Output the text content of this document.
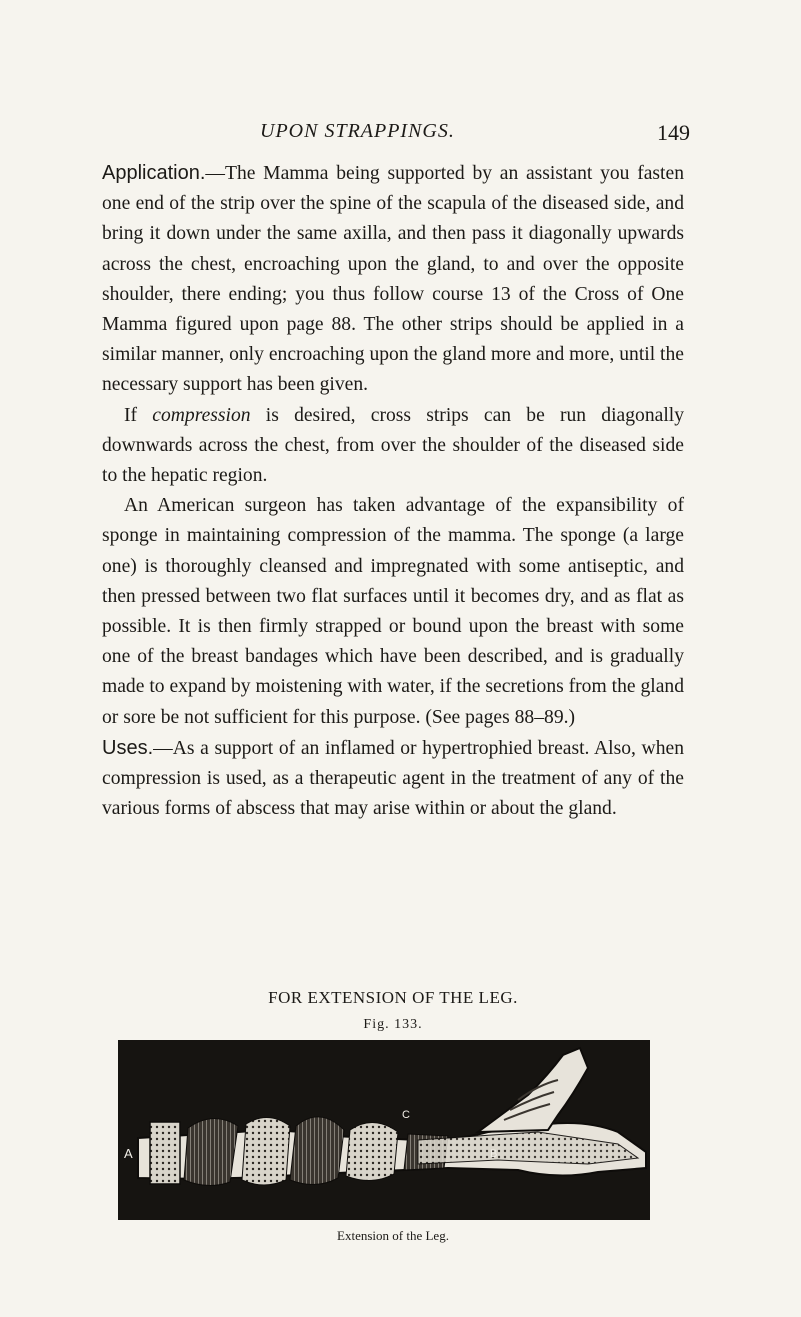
UPON STRAPPINGS.	149

Application.—The Mamma being supported by an assistant you fasten one end of the strip over the spine of the scapula of the diseased side, and bring it down under the same axilla, and then pass it diagonally upwards across the chest, encroaching upon the gland, to and over the opposite shoulder, there ending; you thus follow course 13 of the Cross of One Mamma figured upon page 88. The other strips should be applied in a similar manner, only encroaching upon the gland more and more, until the necessary support has been given.

If compression is desired, cross strips can be run diagonally downwards across the chest, from over the shoulder of the diseased side to the hepatic region.

An American surgeon has taken advantage of the expansibility of sponge in maintaining compression of the mamma. The sponge (a large one) is thoroughly cleansed and impregnated with some antiseptic, and then pressed between two flat surfaces until it becomes dry, and as flat as possible. It is then firmly strapped or bound upon the breast with some one of the breast bandages which have been described, and is gradually made to expand by moistening with water, if the secretions from the gland or sore be not sufficient for this purpose. (See pages 88–89.)

Uses.—As a support of an inflamed or hypertrophied breast. Also, when compression is used, as a therapeutic agent in the treatment of any of the various forms of abscess that may arise within or about the gland.

FOR EXTENSION OF THE LEG.
Fig. 133.
A	B
C
Extension of the Leg.
